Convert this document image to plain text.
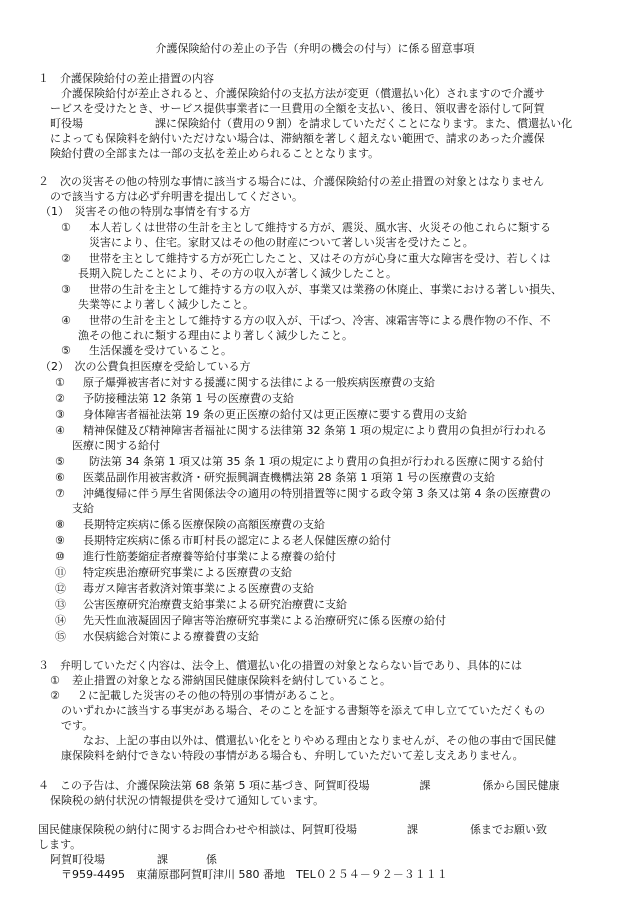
介護保険給付の差止の予告（弁明の機会の付与）に係る留意事項
１　介護保険給付の差止措置の内容
介護保険給付が差止されると、介護保険給付の支払方法が変更（償還払い化）されますので介護サ
ービスを受けたとき、サービス提供事業者に一旦費用の全額を支払い、後日、領収書を添付して阿賀
町役場	課に保険給付（費用の９割）を請求していただくことになります。また、償還払い化
によっても保険料を納付いただけない場合は、滞納額を著しく超えない範囲で、請求のあった介護保
険給付費の全部または一部の支払を差止められることとなります。
２　次の災害その他の特別な事情に該当する場合には、介護保険給付の差止措置の対象とはなりません
ので該当する方は必ず弁明書を提出してください。
（1）　災害その他の特別な事情を有する方
① 本人若しくは世帯の生計を主として維持する方が、震災、風水害、火災その他これらに類する
災害により、住宅。家財又はその他の財産について著しい災害を受けたこと。
② 世帯を主として維持する方が死亡したこと、又はその方が心身に重大な障害を受け、若しくは
長期入院したことにより、その方の収入が著しく減少したこと。
③ 世帯の生計を主として維持する方の収入が、事業又は業務の休廃止、事業における著しい損失、
失業等により著しく減少したこと。
④ 世帯の生計を主として維持する方の収入が、干ばつ、冷害、凍霜害等による農作物の不作、不
漁その他これに類する理由により著しく減少したこと。
⑤ 生活保護を受けていること。
（2）　次の公費負担医療を受給している方
① 原子爆弾被害者に対する援護に関する法律による一般疾病医療費の支給
② 予防接種法第 12 条第 1 号の医療費の支給
③ 身体障害者福祉法第 19 条の更正医療の給付又は更正医療に要する費用の支給
④ 精神保健及び精神障害者福祉に関する法律第 32 条第 1 項の規定により費用の負担が行われる
医療に関する給付
⑤ 防法第 34 条第 1 項又は第 35 条 1 項の規定により費用の負担が行われる医療に関する給付
⑥ 医薬品副作用被害救済・研究振興調査機構法第 28 条第 1 項第 1 号の医療費の支給
⑦ 沖縄復帰に伴う厚生省関係法令の適用の特別措置等に関する政令第 3 条又は第 4 条の医療費の
支給
⑧ 長期特定疾病に係る医療保険の高額医療費の支給
⑨ 長期特定疾病に係る市町村長の認定による老人保健医療の給付
⑩ 進行性筋萎縮症者療養等給付事業による療養の給付
⑪ 特定疾患治療研究事業による医療費の支給
⑫ 毒ガス障害者救済対策事業による医療費の支給
⑬ 公害医療研究治療費支給事業による研究治療費に支給
⑭ 先天性血液凝固因子障害等治療研究事業による治療研究に係る医療の給付
⑮ 水俣病総合対策による療養費の支給
３　弁明していただく内容は、法令上、償還払い化の措置の対象とならない旨であり、具体的には
① 差止措置の対象となる滞納国民健康保険料を納付していること。
② ２に記載した災害のその他の特別の事情があること。
のいずれかに該当する事実がある場合、そのことを証する書類等を添えて申し立てていただくもの
です。
なお、上記の事由以外は、償還払い化をとりやめる理由となりませんが、その他の事由で国民健
康保険料を納付できない特段の事情がある場合も、弁明していただいて差し支えありません。
４　この予告は、介護保険法第 68 条第 5 項に基づき、阿賀町役場	課	係から国民健康
保険税の納付状況の情報提供を受けて通知しています。
国民健康保険税の納付に関するお問合わせや相談は、阿賀町役場	課	係までお願い致
します。
阿賀町役場	課	係
〒959-4495　東蒲原郡阿賀町津川 580 番地　TEL０２５４－９２－３１１１
